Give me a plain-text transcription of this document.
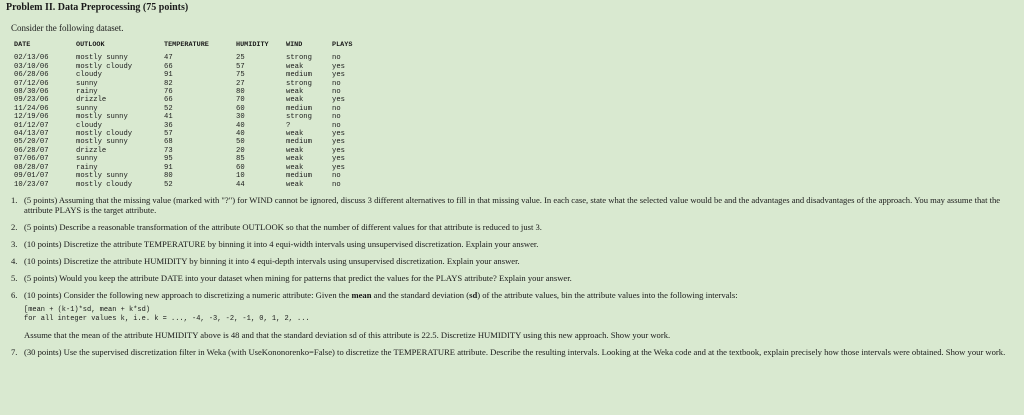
Problem II. Data Preprocessing (75 points)
Consider the following dataset.
DATE	OUTLOOK	TEMPERATURE	HUMIDITY	WIND	PLAYS
02/13/06	mostly sunny	47	25	strong	no
03/10/06	mostly cloudy	66	57	weak	yes
06/28/06	cloudy	91	75	medium	yes
07/12/06	sunny	82	27	strong	no
08/30/06	rainy	76	80	weak	no
09/23/06	drizzle	66	70	weak	yes
11/24/06	sunny	52	60	medium	no
12/19/06	mostly sunny	41	30	strong	no
01/12/07	cloudy	36	40	?	no
04/13/07	mostly cloudy	57	40	weak	yes
05/20/07	mostly sunny	68	50	medium	yes
06/28/07	drizzle	73	20	weak	yes
07/06/07	sunny	95	85	weak	yes
08/28/07	rainy	91	60	weak	yes
09/01/07	mostly sunny	80	10	medium	no
10/23/07	mostly cloudy	52	44	weak	no
1. (5 points) Assuming that the missing value (marked with "?") for WIND cannot be ignored, discuss 3 different alternatives to fill in that missing value. In each case, state what the selected value would be and the advantages and disadvantages of the approach. You may assume that the attribute PLAYS is the target attribute.
2. (5 points) Describe a reasonable transformation of the attribute OUTLOOK so that the number of different values for that attribute is reduced to just 3.
3. (10 points) Discretize the attribute TEMPERATURE by binning it into 4 equi-width intervals using unsupervised discretization. Explain your answer.
4. (10 points) Discretize the attribute HUMIDITY by binning it into 4 equi-depth intervals using unsupervised discretization. Explain your answer.
5. (5 points) Would you keep the attribute DATE into your dataset when mining for patterns that predict the values for the PLAYS attribute? Explain your answer.
6. (10 points) Consider the following new approach to discretizing a numeric attribute: Given the mean and the standard deviation (sd) of the attribute values, bin the attribute values into the following intervals:
[mean + (k-1)*sd, mean + k*sd)
for all integer values k, i.e. k = ..., -4, -3, -2, -1, 0, 1, 2, ...
Assume that the mean of the attribute HUMIDITY above is 48 and that the standard deviation sd of this attribute is 22.5. Discretize HUMIDITY using this new approach. Show your work.
7. (30 points) Use the supervised discretization filter in Weka (with UseKononorenko=False) to discretize the TEMPERATURE attribute. Describe the resulting intervals. Looking at the Weka code and at the textbook, explain precisely how those intervals were obtained. Show your work.
